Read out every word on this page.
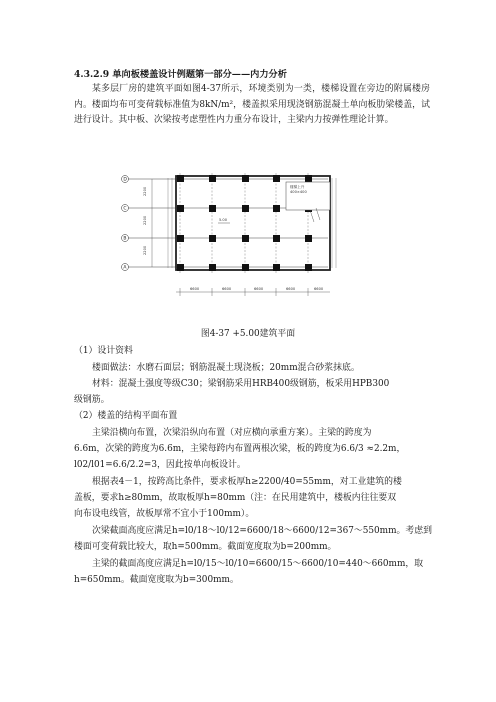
4.3.2.9 单向板楼盖设计例题第一部分——内力分析
某多层厂房的建筑平面如图4-37所示，环境类别为一类，楼梯设置在旁边的附属楼房内。楼面均布可变荷载标准值为8kN/m²，楼盖拟采用现浇钢筋混凝土单向板肋梁楼盖，试进行设计。其中板、次梁按考虑塑性内力重分布设计，主梁内力按弹性理论计算。
楼梯上升
400×400
5.00
D
C
B
A
2200
2200
2200
6600	6600	6600	6600	6600
图4-37 +5.00建筑平面
（1）设计资料
楼面做法：水磨石面层；钢筋混凝土现浇板；20mm混合砂浆抹底。
材料：混凝土强度等级C30；梁钢筋采用HRB400级钢筋，板采用HPB300
级钢筋。
（2）楼盖的结构平面布置
主梁沿横向布置，次梁沿纵向布置（对应横向承重方案）。主梁的跨度为
6.6m，次梁的跨度为6.6m，主梁每跨内布置两根次梁，板的跨度为6.6/3 ≈2.2m，
l02/l01=6.6/2.2=3，因此按单向板设计。
根据表4－1，按跨高比条件，要求板厚h≥2200/40=55mm，对工业建筑的楼
盖板，要求h≥80mm，故取板厚h=80mm（注：在民用建筑中，楼板内往往要双
向布设电线管，故板厚常不宜小于100mm）。
次梁截面高度应满足h=l0/18～l0/12=6600/18～6600/12=367～550mm。考虑到
楼面可变荷载比较大，取h=500mm。截面宽度取为b=200mm。
主梁的截面高度应满足h=l0/15～l0/10=6600/15～6600/10=440～660mm，取
h=650mm。截面宽度取为b=300mm。
